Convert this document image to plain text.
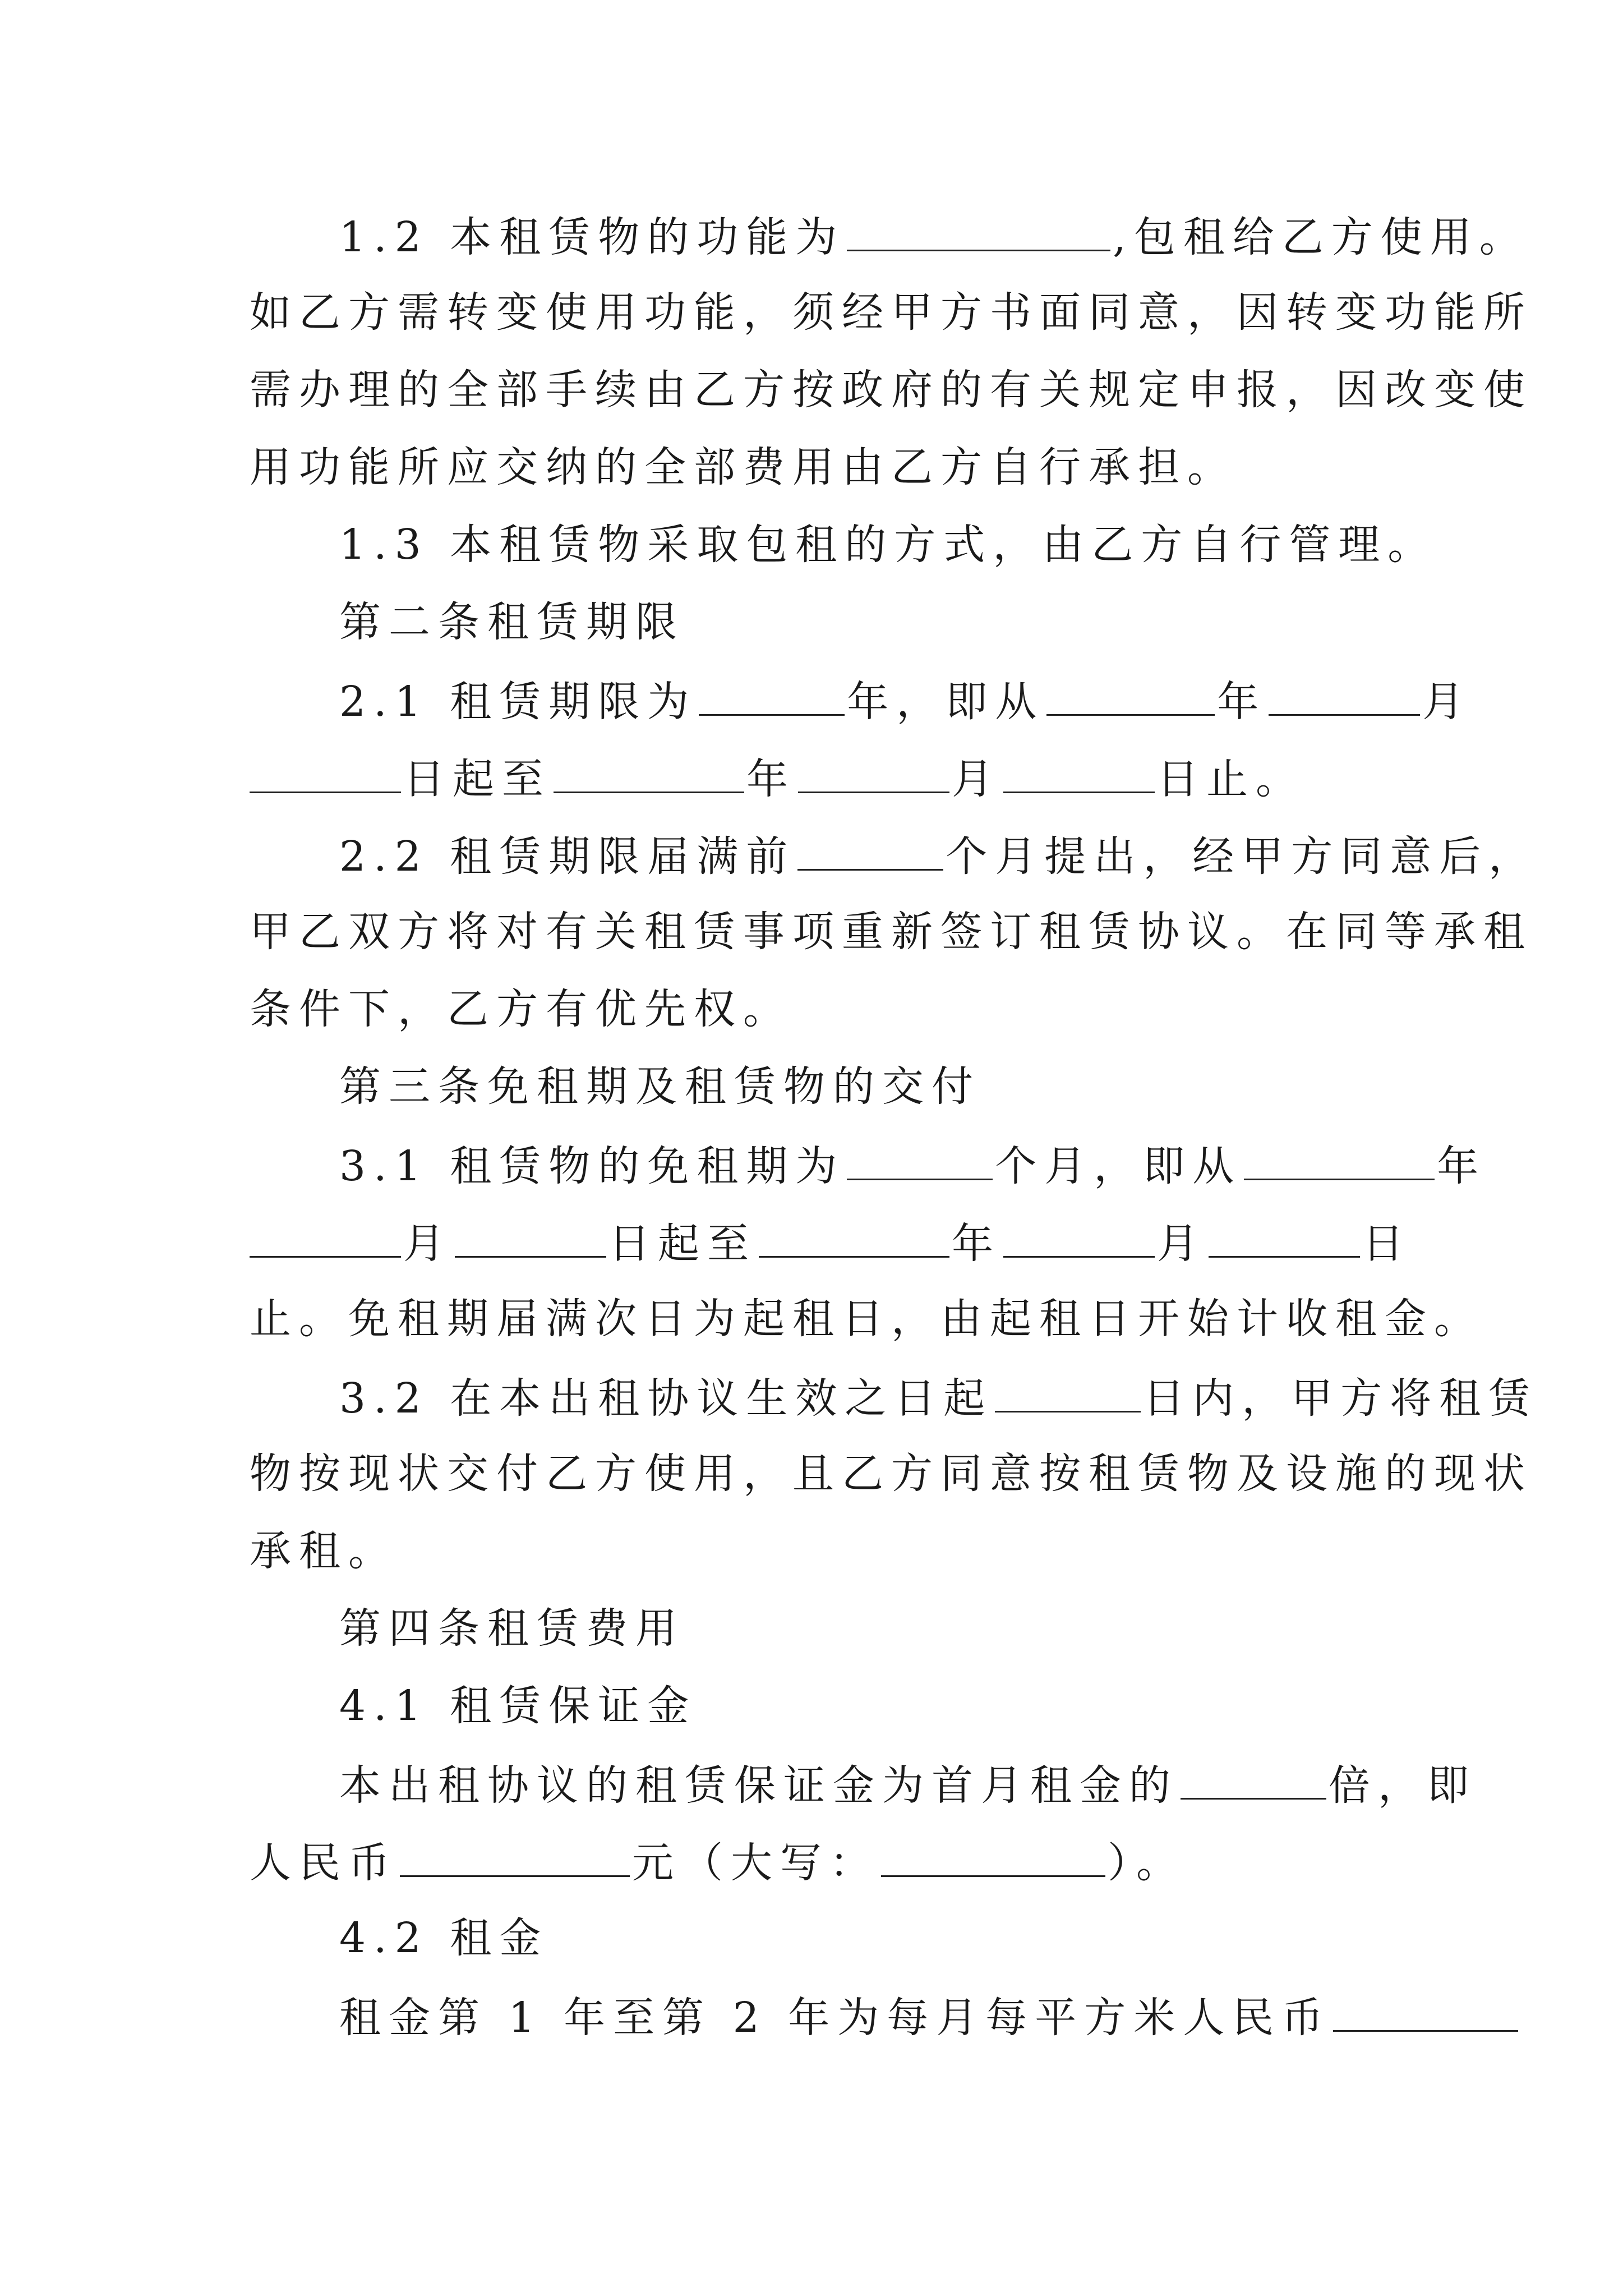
1.2 本租赁物的功能为	,包租给乙方使用。
如乙方需转变使用功能，须经甲方书面同意，因转变功能所
需办理的全部手续由乙方按政府的有关规定申报，因改变使
用功能所应交纳的全部费用由乙方自行承担。
1.3 本租赁物采取包租的方式，由乙方自行管理。
第二条租赁期限
2.1 租赁期限为	年，即从	年	月
日起至	年	月	日止。
2.2 租赁期限届满前	个月提出，经甲方同意后，
甲乙双方将对有关租赁事项重新签订租赁协议。在同等承租
条件下，乙方有优先权。
第三条免租期及租赁物的交付
3.1 租赁物的免租期为	个月，即从	年
月	日起至	年	月	日
止。免租期届满次日为起租日，由起租日开始计收租金。
3.2 在本出租协议生效之日起	日内，甲方将租赁
物按现状交付乙方使用，且乙方同意按租赁物及设施的现状
承租。
第四条租赁费用
4.1 租赁保证金
本出租协议的租赁保证金为首月租金的	倍，即
人民币	元（大写：	）。
4.2 租金
租金第 1 年至第 2 年为每月每平方米人民币
